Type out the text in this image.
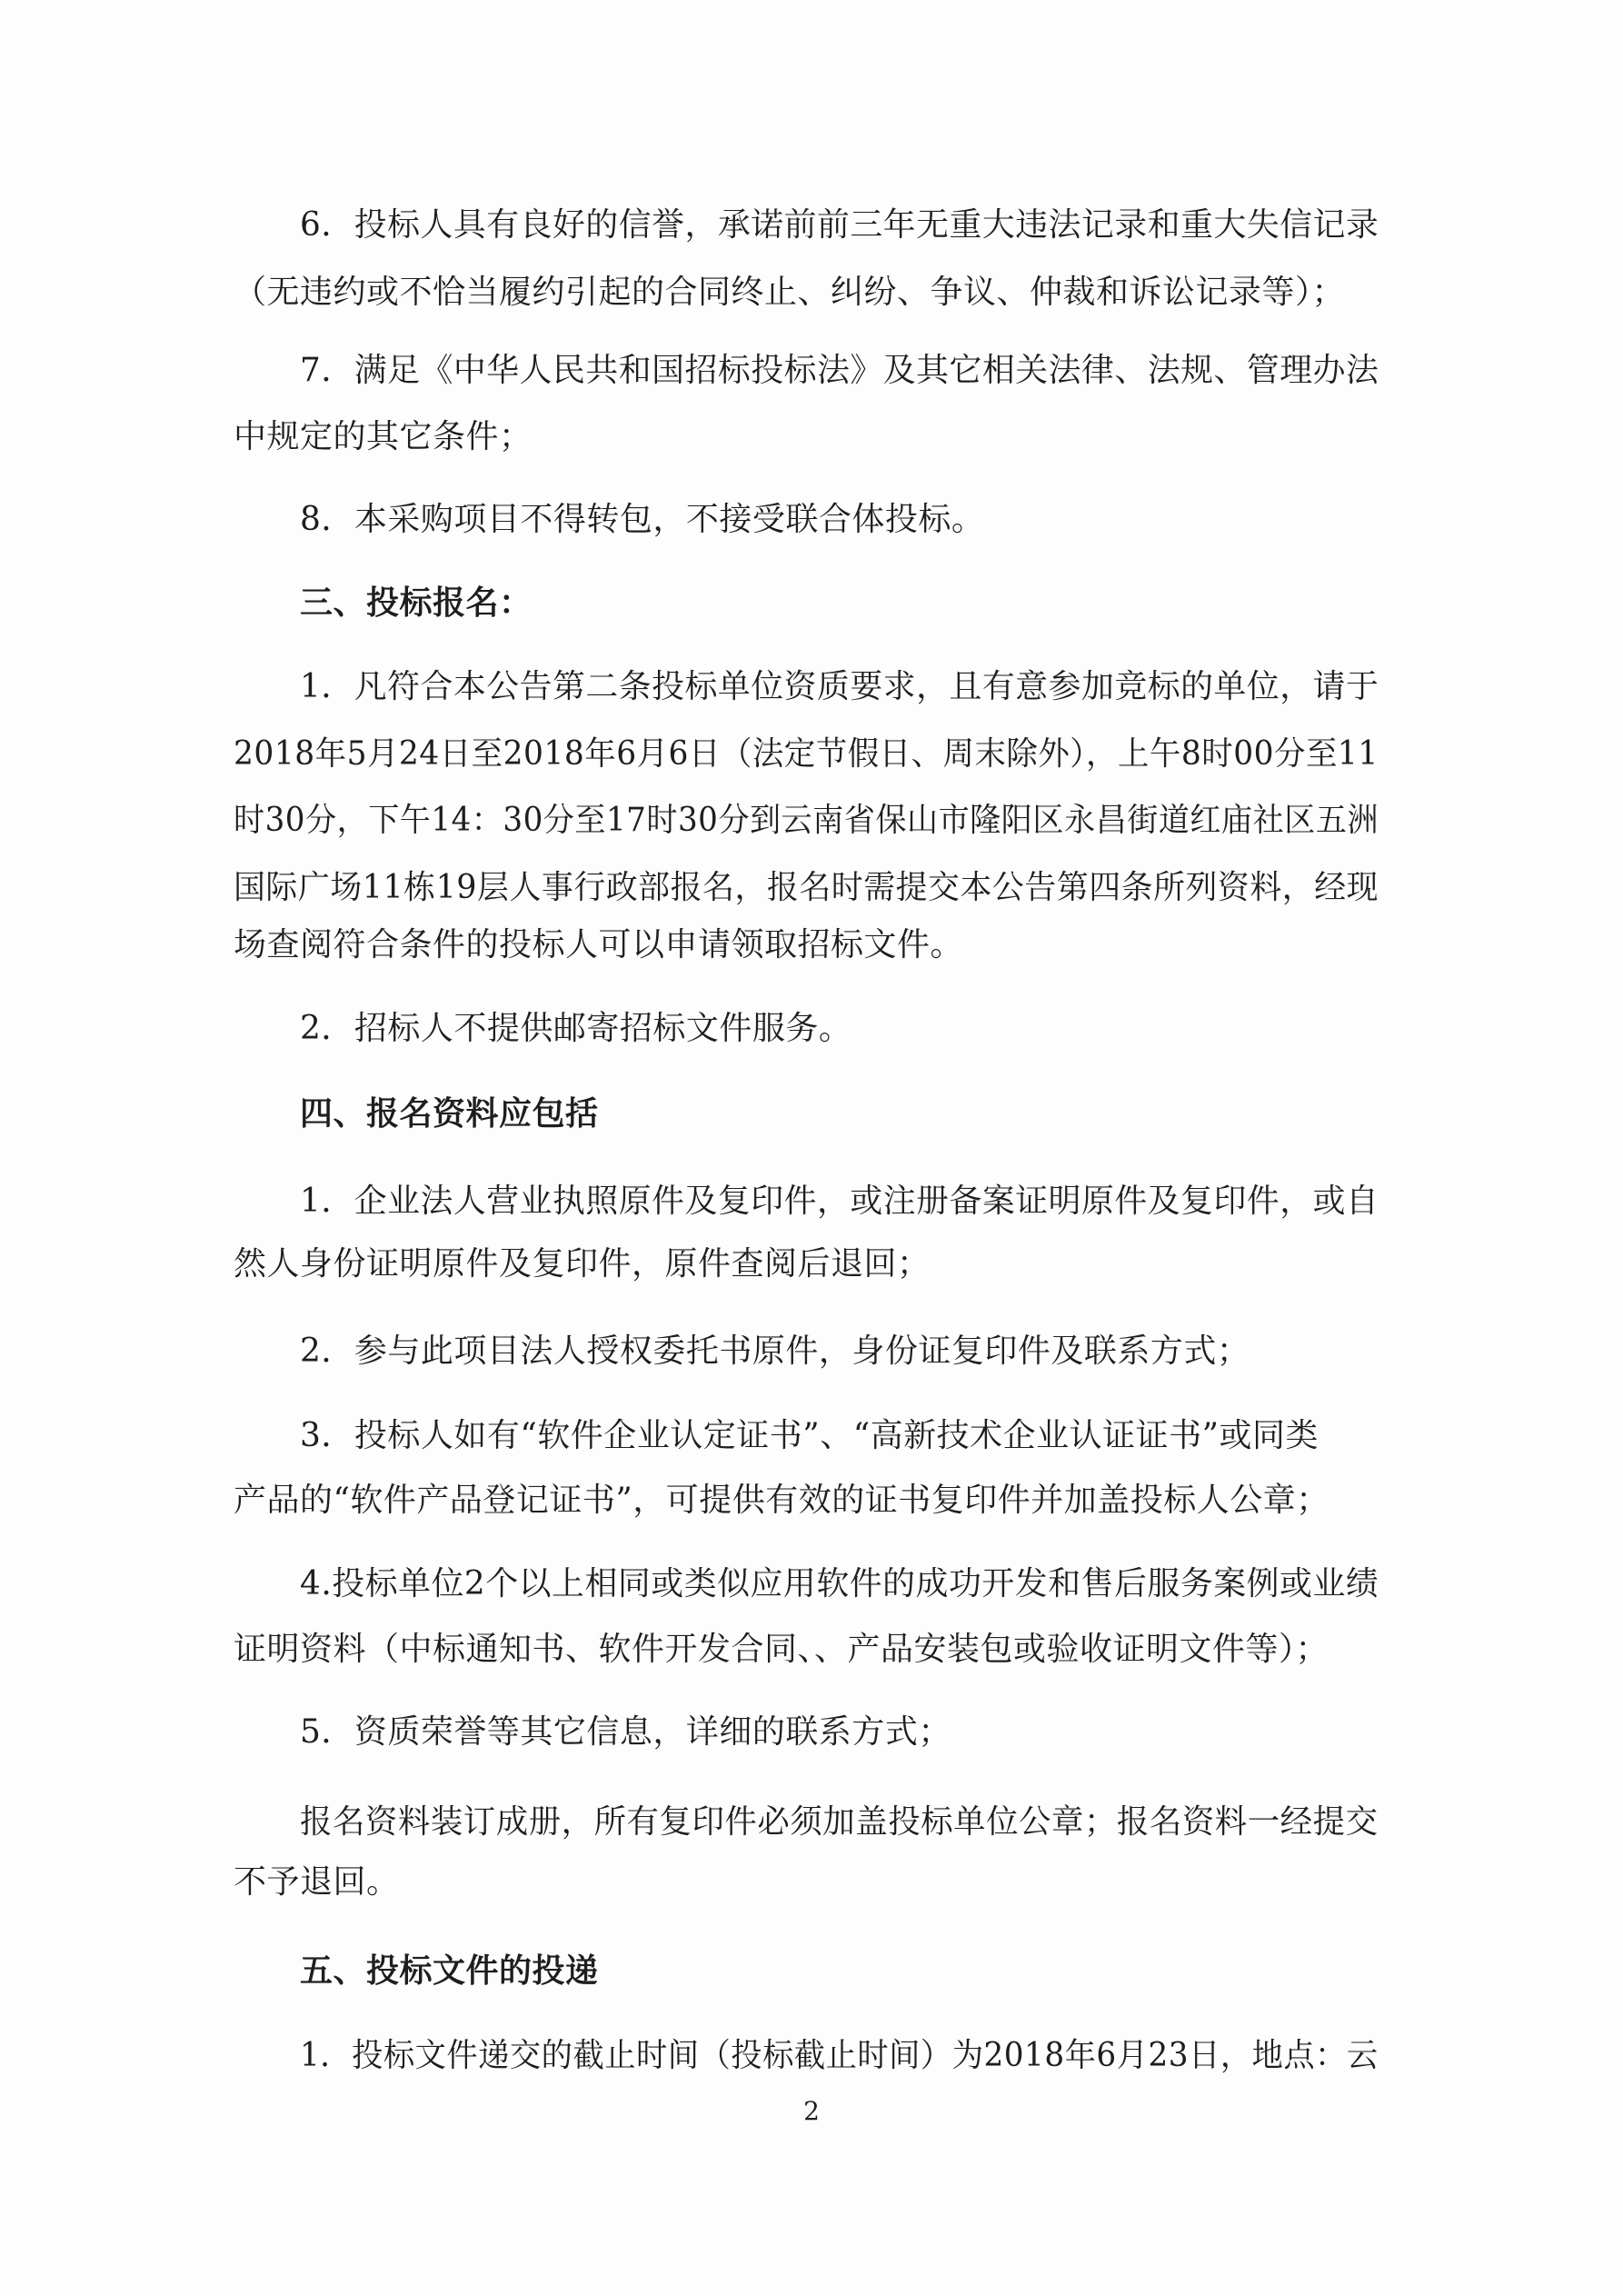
6．投标人具有良好的信誉，承诺前前三年无重大违法记录和重大失信记录
（无违约或不恰当履约引起的合同终止、纠纷、争议、仲裁和诉讼记录等）；
7．满足《中华人民共和国招标投标法》及其它相关法律、法规、管理办法
中规定的其它条件；
8．本采购项目不得转包，不接受联合体投标。
三、投标报名：
1．凡符合本公告第二条投标单位资质要求，且有意参加竞标的单位，请于
2018年5月24日至2018年6月6日（法定节假日、周末除外），上午8时00分至11
时30分，下午14：30分至17时30分到云南省保山市隆阳区永昌街道红庙社区五洲
国际广场11栋19层人事行政部报名，报名时需提交本公告第四条所列资料，经现
场查阅符合条件的投标人可以申请领取招标文件。
2．招标人不提供邮寄招标文件服务。
四、报名资料应包括
1．企业法人营业执照原件及复印件，或注册备案证明原件及复印件，或自
然人身份证明原件及复印件，原件查阅后退回；
2．参与此项目法人授权委托书原件，身份证复印件及联系方式；
3．投标人如有“软件企业认定证书”、“高新技术企业认证证书”或同类
产品的“软件产品登记证书”，可提供有效的证书复印件并加盖投标人公章；
4.投标单位2个以上相同或类似应用软件的成功开发和售后服务案例或业绩
证明资料（中标通知书、软件开发合同、、产品安装包或验收证明文件等）；
5．资质荣誉等其它信息，详细的联系方式；
报名资料装订成册，所有复印件必须加盖投标单位公章；报名资料一经提交
不予退回。
五、投标文件的投递
1．投标文件递交的截止时间（投标截止时间）为2018年6月23日，地点：云
2
